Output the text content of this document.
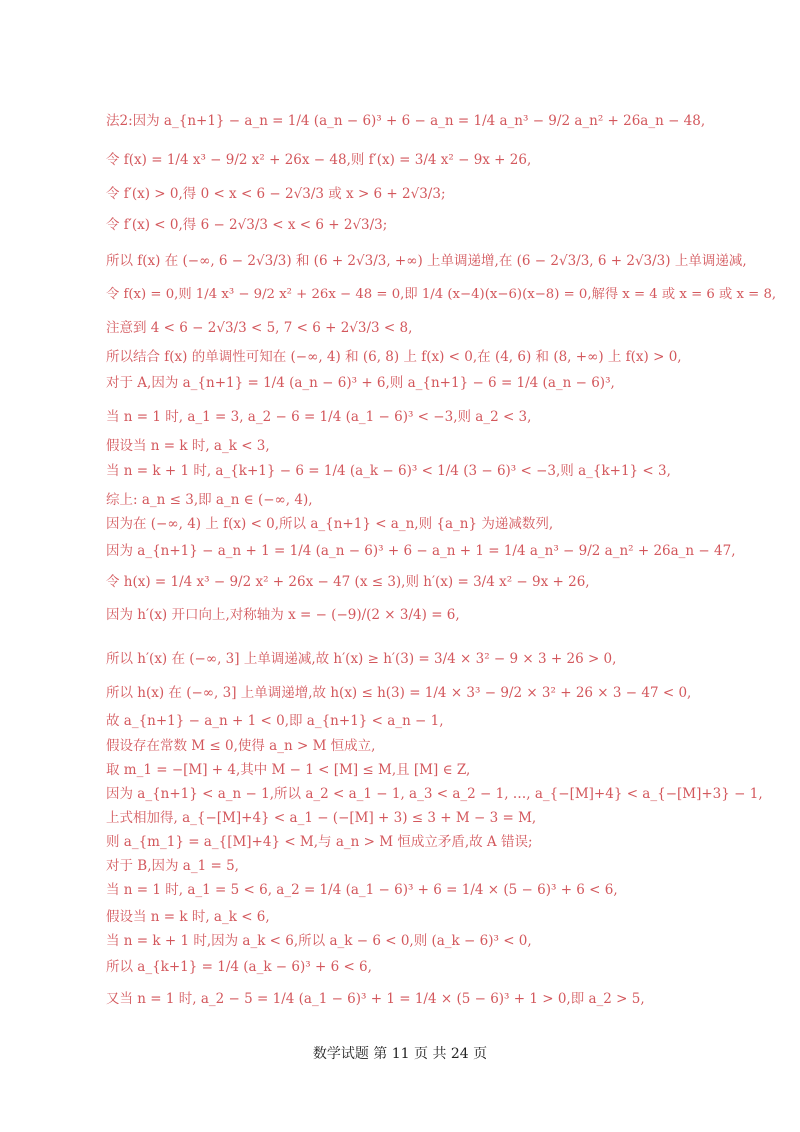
法2:因为 a_{n+1} − a_n = 1/4 (a_n − 6)³ + 6 − a_n = 1/4 a_n³ − 9/2 a_n² + 26a_n − 48,
令 f(x) = 1/4 x³ − 9/2 x² + 26x − 48,则 f′(x) = 3/4 x² − 9x + 26,
令 f′(x) > 0,得 0 < x < 6 − 2√3/3 或 x > 6 + 2√3/3;
令 f′(x) < 0,得 6 − 2√3/3 < x < 6 + 2√3/3;
所以 f(x) 在 (−∞, 6 − 2√3/3) 和 (6 + 2√3/3, +∞) 上单调递增,在 (6 − 2√3/3, 6 + 2√3/3) 上单调递减,
令 f(x) = 0,则 1/4 x³ − 9/2 x² + 26x − 48 = 0,即 1/4 (x−4)(x−6)(x−8) = 0,解得 x = 4 或 x = 6 或 x = 8,
注意到 4 < 6 − 2√3/3 < 5, 7 < 6 + 2√3/3 < 8,
所以结合 f(x) 的单调性可知在 (−∞, 4) 和 (6, 8) 上 f(x) < 0,在 (4, 6) 和 (8, +∞) 上 f(x) > 0,
对于 A,因为 a_{n+1} = 1/4 (a_n − 6)³ + 6,则 a_{n+1} − 6 = 1/4 (a_n − 6)³,
当 n = 1 时, a_1 = 3, a_2 − 6 = 1/4 (a_1 − 6)³ < −3,则 a_2 < 3,
假设当 n = k 时, a_k < 3,
当 n = k + 1 时, a_{k+1} − 6 = 1/4 (a_k − 6)³ < 1/4 (3 − 6)³ < −3,则 a_{k+1} < 3,
综上: a_n ≤ 3,即 a_n ∈ (−∞, 4),
因为在 (−∞, 4) 上 f(x) < 0,所以 a_{n+1} < a_n,则 {a_n} 为递减数列,
因为 a_{n+1} − a_n + 1 = 1/4 (a_n − 6)³ + 6 − a_n + 1 = 1/4 a_n³ − 9/2 a_n² + 26a_n − 47,
令 h(x) = 1/4 x³ − 9/2 x² + 26x − 47 (x ≤ 3),则 h′(x) = 3/4 x² − 9x + 26,
因为 h′(x) 开口向上,对称轴为 x = − (−9)/(2 × 3/4) = 6,
所以 h′(x) 在 (−∞, 3] 上单调递减,故 h′(x) ≥ h′(3) = 3/4 × 3² − 9 × 3 + 26 > 0,
所以 h(x) 在 (−∞, 3] 上单调递增,故 h(x) ≤ h(3) = 1/4 × 3³ − 9/2 × 3² + 26 × 3 − 47 < 0,
故 a_{n+1} − a_n + 1 < 0,即 a_{n+1} < a_n − 1,
假设存在常数 M ≤ 0,使得 a_n > M 恒成立,
取 m_1 = −[M] + 4,其中 M − 1 < [M] ≤ M,且 [M] ∈ Z,
因为 a_{n+1} < a_n − 1,所以 a_2 < a_1 − 1, a_3 < a_2 − 1, …, a_{−[M]+4} < a_{−[M]+3} − 1,
上式相加得, a_{−[M]+4} < a_1 − (−[M] + 3) ≤ 3 + M − 3 = M,
则 a_{m_1} = a_{[M]+4} < M,与 a_n > M 恒成立矛盾,故 A 错误;
对于 B,因为 a_1 = 5,
当 n = 1 时, a_1 = 5 < 6, a_2 = 1/4 (a_1 − 6)³ + 6 = 1/4 × (5 − 6)³ + 6 < 6,
假设当 n = k 时, a_k < 6,
当 n = k + 1 时,因为 a_k < 6,所以 a_k − 6 < 0,则 (a_k − 6)³ < 0,
所以 a_{k+1} = 1/4 (a_k − 6)³ + 6 < 6,
又当 n = 1 时, a_2 − 5 = 1/4 (a_1 − 6)³ + 1 = 1/4 × (5 − 6)³ + 1 > 0,即 a_2 > 5,
数学试题 第 11 页 共 24 页
